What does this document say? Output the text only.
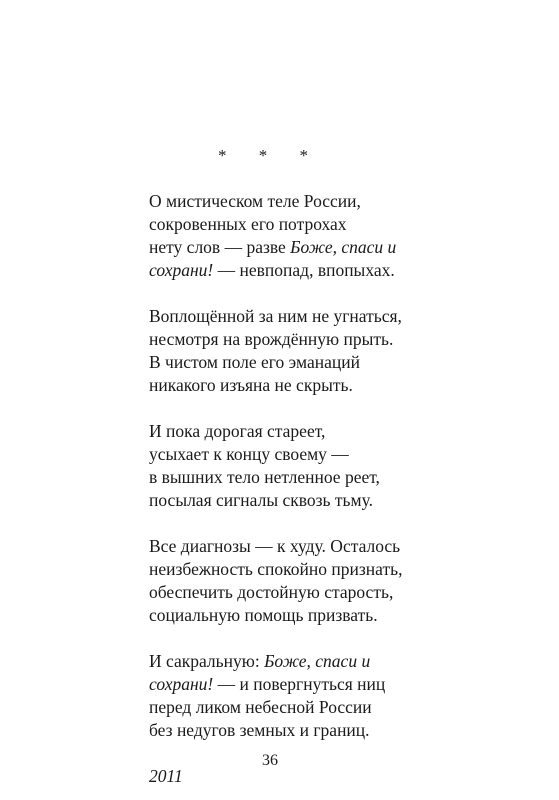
* * *
О мистическом теле России,
сокровенных его потрохах
нету слов — разве Боже, спаси и
сохрани! — невпопад, впопыхах.
Воплощённой за ним не угнаться,
несмотря на врождённую прыть.
В чистом поле его эманаций
никакого изъяна не скрыть.
И пока дорогая стареет,
усыхает к концу своему —
в вышних тело нетленное реет,
посылая сигналы сквозь тьму.
Все диагнозы — к худу. Осталось
неизбежность спокойно признать,
обеспечить достойную старость,
социальную помощь призвать.
И сакральную: Боже, спаси и
сохрани! — и повергнуться ниц
перед ликом небесной России
без недугов земных и границ.
2011
36
